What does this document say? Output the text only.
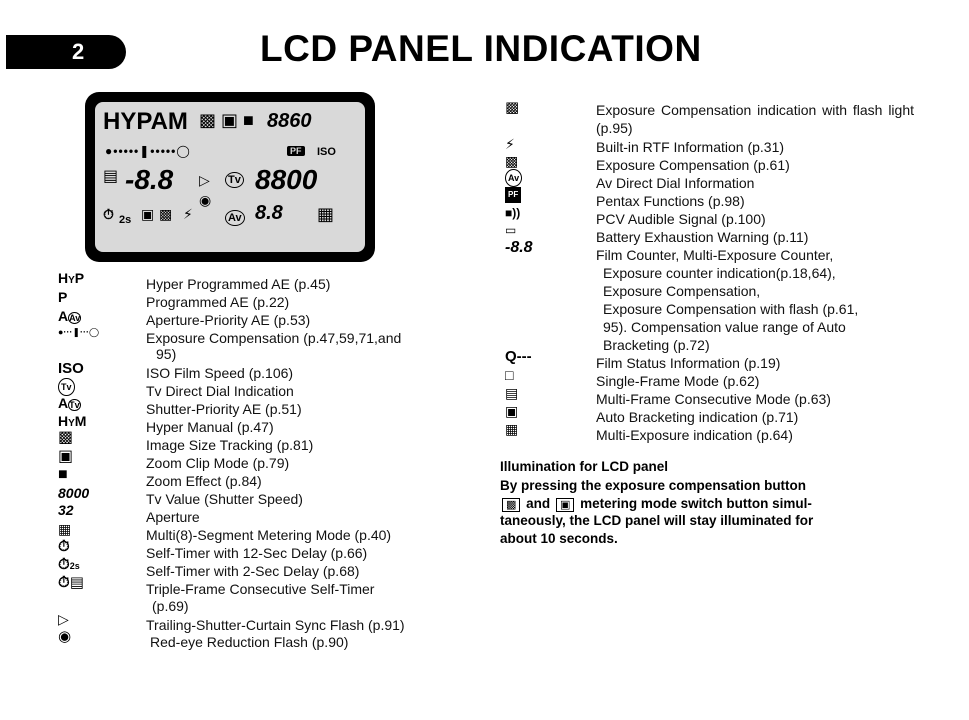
2	LCD PANEL INDICATION
HYPAM ▩ ▣ ■ 8860
●•••••❚•••••◯	PF ISO
▤ -8.8 ▷ Tv 8800
⏱ 2s ▣ ▩ ⚡
◉
Av 8.8 ▦
HYP	Hyper Programmed AE (p.45)
P	Programmed AE (p.22)
AAv	Aperture-Priority AE (p.53)
●···❚···◯	Exposure Compensation (p.47,59,71,and
95)
ISO	ISO Film Speed (p.106)
Tv	Tv Direct Dial Indication
ATv	Shutter-Priority AE (p.51)
HYM	Hyper Manual (p.47)
▩	Image Size Tracking (p.81)
▣	Zoom Clip Mode (p.79)
■	Zoom Effect (p.84)
8000	Tv Value (Shutter Speed)
32	Aperture
▦	Multi(8)-Segment Metering Mode (p.40)
⏱	Self-Timer with 12-Sec Delay (p.66)
⏱2s	Self-Timer with 2-Sec Delay (p.68)
⏱▤	Triple-Frame Consecutive Self-Timer
(p.69)
▷	Trailing-Shutter-Curtain Sync Flash (p.91)
◉	Red-eye Reduction Flash (p.90)
▩	Exposure Compensation indication with flash light (p.95)
⚡	Built-in RTF Information (p.31)
▩	Exposure Compensation (p.61)
Av	Av Direct Dial Information
PF	Pentax Functions (p.98)
■))	PCV Audible Signal (p.100)
▭	Battery Exhaustion Warning (p.11)
-8.8	Film Counter, Multi-Exposure Counter,
Exposure counter indication(p.18,64),
Exposure Compensation,
Exposure Compensation with flash (p.61,
95). Compensation value range of Auto
Bracketing (p.72)
Q---	Film Status Information (p.19)
□	Single-Frame Mode (p.62)
▤	Multi-Frame Consecutive Mode (p.63)
▣	Auto Bracketing indication (p.71)
▦	Multi-Exposure indication (p.64)
Illumination for LCD panel
By pressing the exposure compensation button
▩ and ▣ metering mode switch button simul-
taneously, the LCD panel will stay illuminated for
about 10 seconds.
